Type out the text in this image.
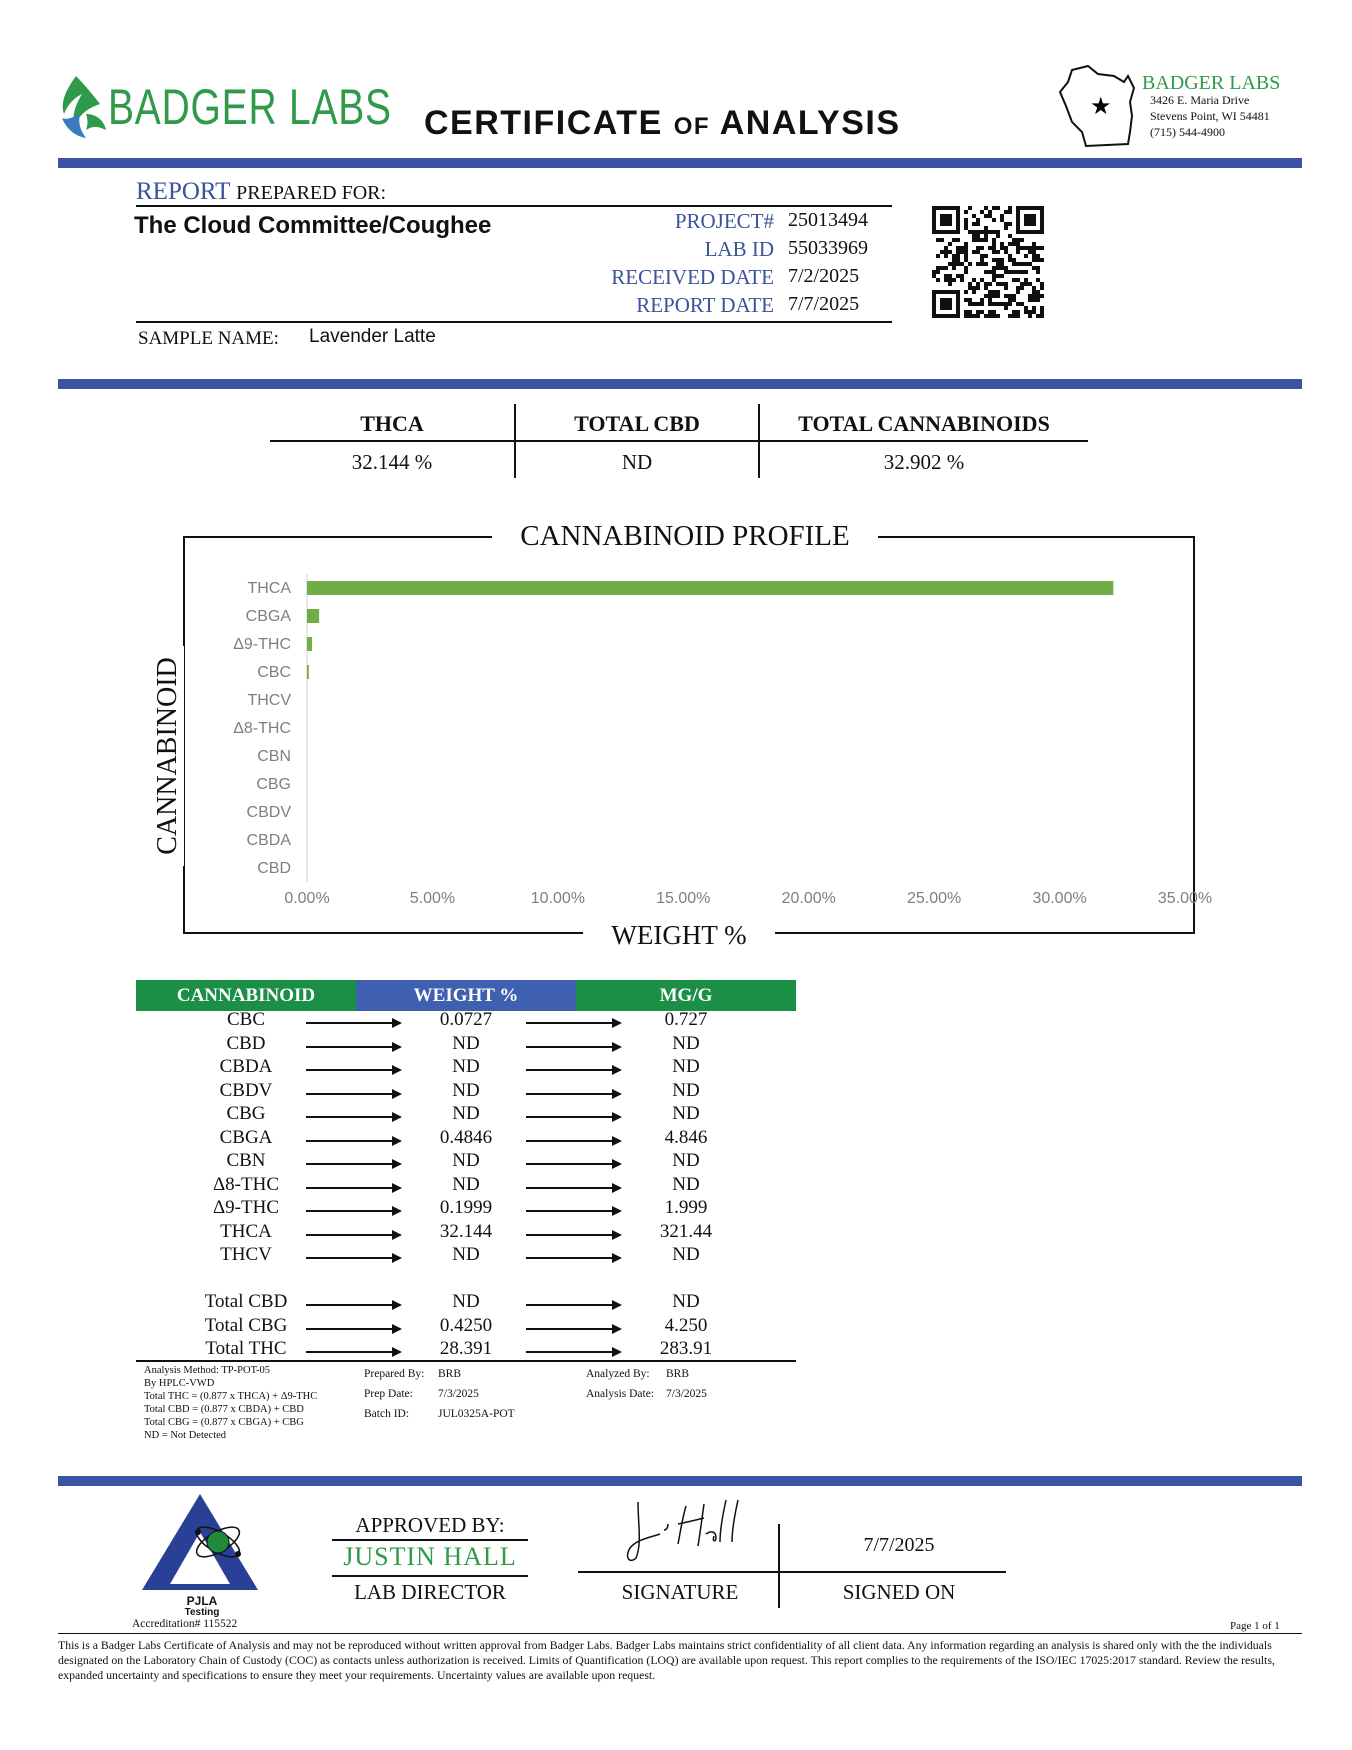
BADGER LABS CERTIFICATE OF ANALYSIS	★
BADGER LABS
3426 E. Maria Drive
Stevens Point, WI 54481
(715) 544-4900
REPORT PREPARED FOR:
The Cloud Committee/Coughee	PROJECT# 25013494
LAB ID 55033969
RECEIVED DATE 7/2/2025
REPORT DATE 7/7/2025
SAMPLE NAME: Lavender Latte
THCA	TOTAL CBD	TOTAL CANNABINOIDS
32.144 %	ND	32.902 %
THCA
CBGA
Δ9-THC
CBC
THCV
Δ8-THC
CBN
CBG
CBDV
CBDA
CBD
0.00%	5.00%	10.00%	15.00%	20.00%	25.00%	30.00%	35.00%
CANNABINOID PROFILE
WEIGHT %
CANNABINOID
CANNABINOID	WEIGHT %	MG/G
CBC	0.0727	0.727
CBD	ND	ND
CBDA	ND	ND
CBDV	ND	ND
CBG	ND	ND
CBGA	0.4846	4.846
CBN	ND	ND
Δ8-THC	ND	ND
Δ9-THC	0.1999	1.999
THCA	32.144	321.44
THCV	ND	ND
Total CBD	ND	ND
Total CBG	0.4250	4.250
Total THC	28.391	283.91
Analysis Method: TP-POT-05
By HPLC-VWD
Total THC = (0.877 x THCA) + Δ9-THC
Total CBD = (0.877 x CBDA) + CBD
Total CBG = (0.877 x CBGA) + CBG
ND = Not Detected
Prepared By: BRB
Prep Date: 7/3/2025
Batch ID:	JUL0325A-POT
Analyzed By: BRB
Analysis Date: 7/3/2025
PJLA
Testing
Accreditation# 115522
APPROVED BY:
JUSTIN HALL
LAB DIRECTOR	SIGNATURE
7/7/2025
SIGNED ON
Page 1 of 1
This is a Badger Labs Certificate of Analysis and may not be reproduced without written approval from Badger Labs. Badger Labs maintains strict confidentiality of all client data. Any information regarding an analysis is shared only with the the individuals designated on the Laboratory Chain of Custody (COC) as contacts unless authorization is received. Limits of Quantification (LOQ) are available upon request. This report complies to the requirements of the ISO/IEC 17025:2017 standard. Review the results, expanded uncertainty and specifications to ensure they meet your requirements. Uncertainty values are available upon request.
